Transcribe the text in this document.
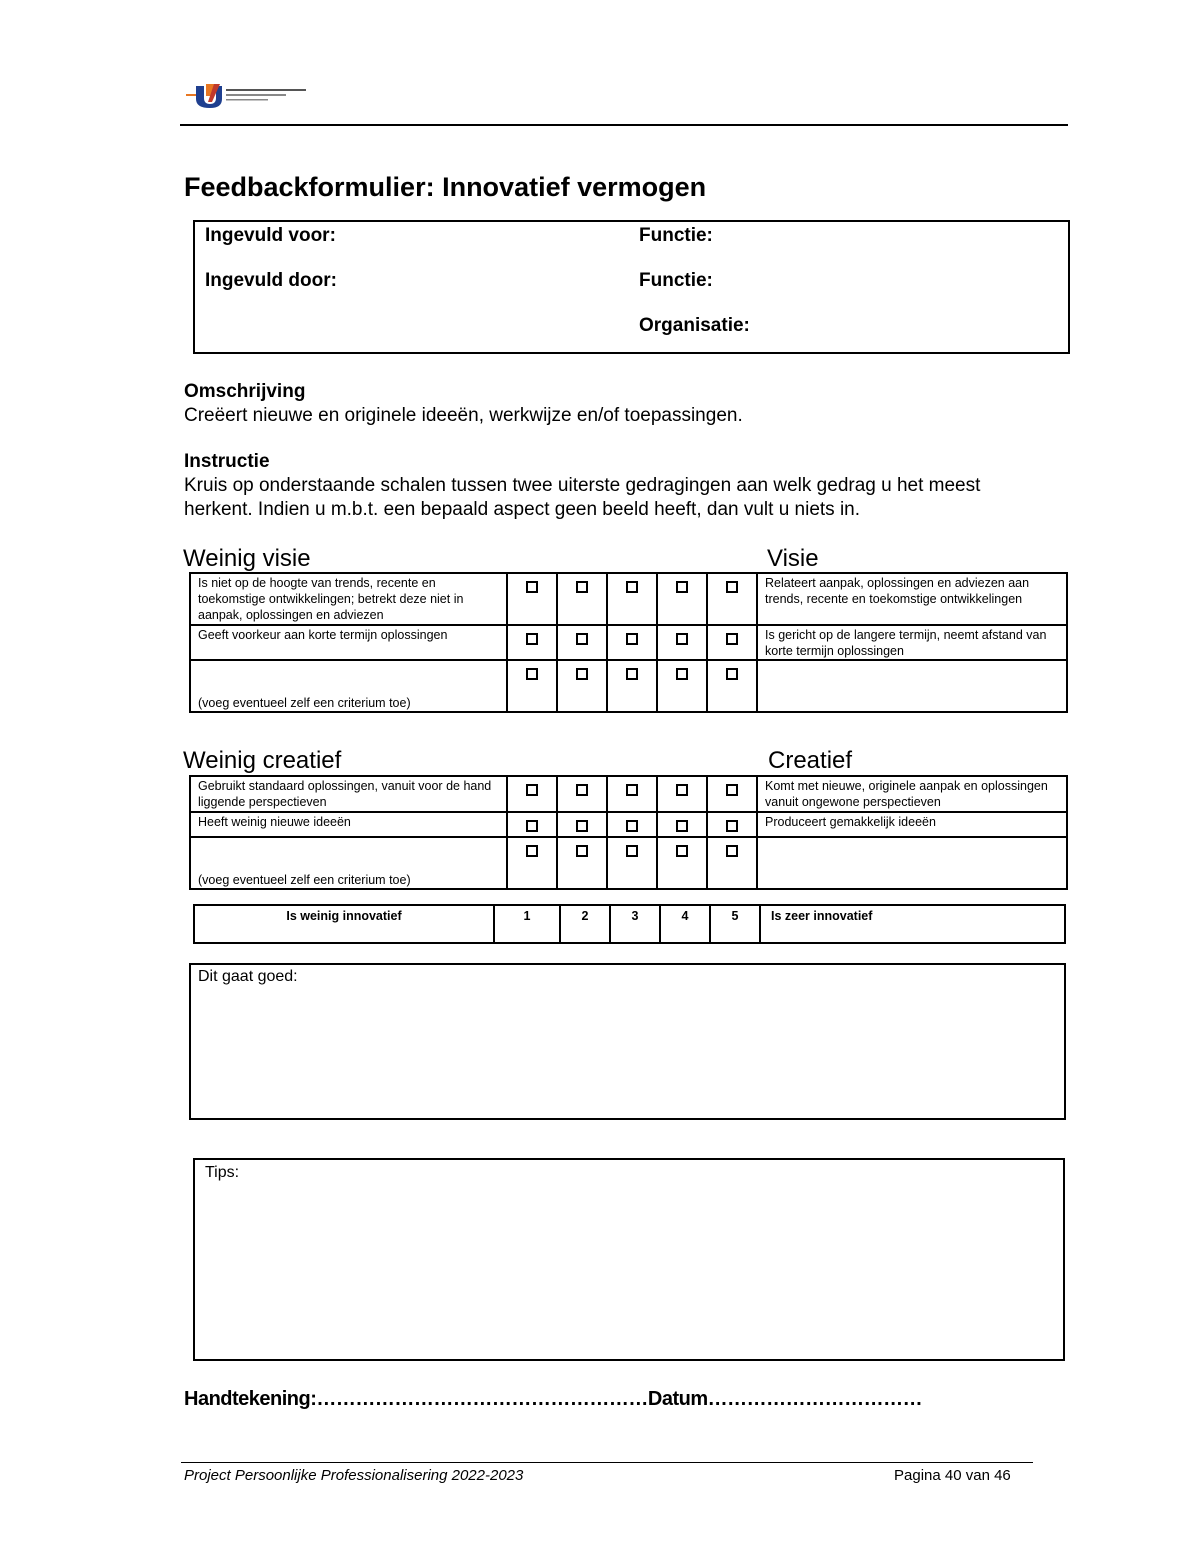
Feedbackformulier: Innovatief vermogen
Ingevuld voor:
Ingevuld door:
Functie:
Functie:
Organisatie:
Omschrijving
Creëert nieuwe en originele ideeën, werkwijze en/of toepassingen.
Instructie
Kruis op onderstaande schalen tussen twee uiterste gedragingen aan welk gedrag u het meest herkent. Indien u m.b.t. een bepaald aspect geen beeld heeft, dan vult u niets in.
Weinig visie	Visie
Is niet op de hoogte van trends, recente en toekomstige ontwikkelingen; betrekt deze niet in aanpak, oplossingen en adviezen						Relateert aanpak, oplossingen en adviezen aan trends, recente en toekomstige ontwikkelingen
Geeft voorkeur aan korte termijn oplossingen						Is gericht op de langere termijn, neemt afstand van korte termijn oplossingen
(voeg eventueel zelf een criterium toe)						
Weinig creatief	Creatief
Gebruikt standaard oplossingen, vanuit voor de hand liggende perspectieven						Komt met nieuwe, originele aanpak en oplossingen vanuit ongewone perspectieven
Heeft weinig nieuwe ideeën						Produceert gemakkelijk ideeën
(voeg eventueel zelf een criterium toe)						
Is weinig innovatief	1	2	3	4	5	Is zeer innovatief
Dit gaat goed:
Tips:
Handtekening:……………………………………………Datum……………………………
Project Persoonlijke Professionalisering 2022-2023	Pagina 40 van 46
